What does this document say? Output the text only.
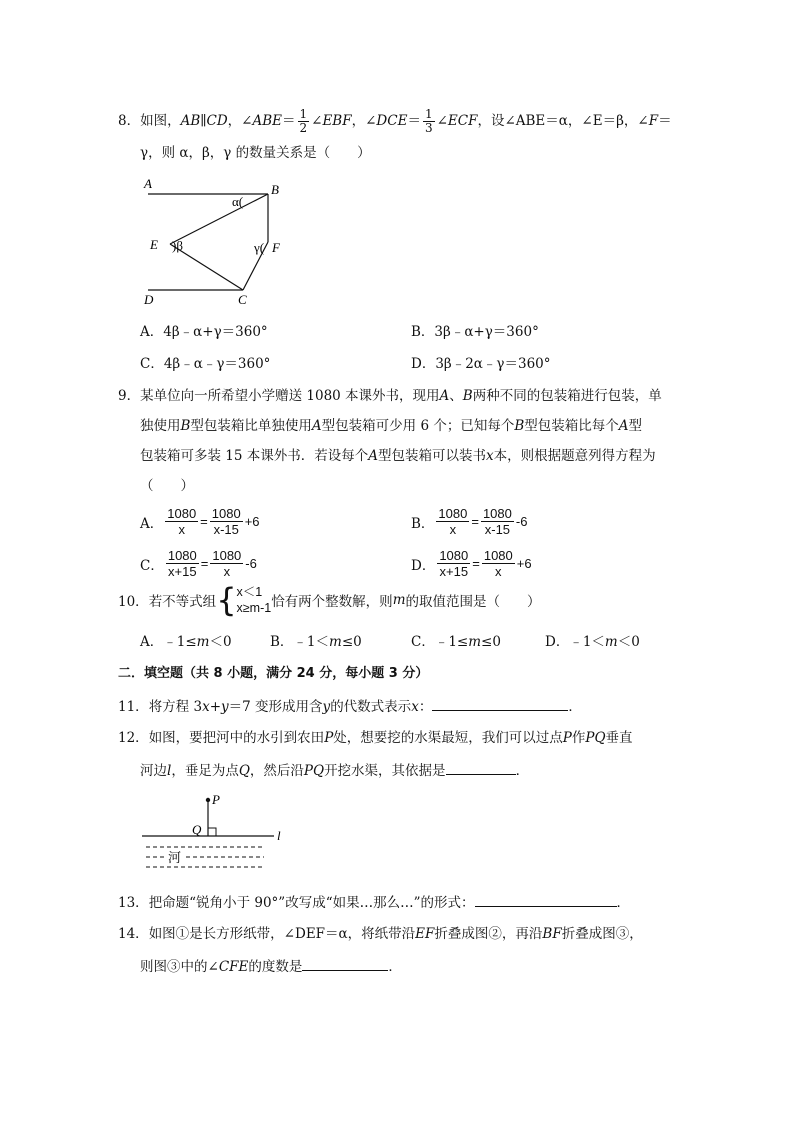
8．如图，AB∥CD，∠ABE＝ $\frac{1}{2}$ ∠EBF，∠DCE＝ $\frac{1}{3}$ ∠ECF，设∠ABE＝α，∠E＝β，∠F＝
γ，则 α，β，γ 的数量关系是（　　）
A	B
C
D
E	F
α(
)β	γ(
A．4β﹣α+γ＝360°	B．3β﹣α+γ＝360°
C．4β﹣α﹣γ＝360°	D．3β﹣2α﹣γ＝360°
9．某单位向一所希望小学赠送 1080 本课外书，现用A、B两种不同的包装箱进行包装，单
独使用B型包装箱比单独使用A型包装箱可少用 6 个；已知每个B型包装箱比每个A型
包装箱可多装 15 本课外书．若设每个A型包装箱可以装书x本，则根据题意列得方程为
（　　）
A． $\frac{1080}{x} = \frac{1080}{x-15} +6$	B． $\frac{1080}{x} = \frac{1080}{x-15} -6$
C． $\frac{1080}{x+15} = \frac{1080}{x} -6$	D． $\frac{1080}{x+15} = \frac{1080}{x} +6$
10． 若不等式组 { x＜1
x≥m-1 恰有两个整数解，则 m 的取值范围是（　　）
A．﹣1≤m＜0	B．﹣1＜m≤0	C．﹣1≤m≤0	D．﹣1＜m＜0
二．填空题（共 8 小题，满分 24 分，每小题 3 分）
11．将方程 3x+y＝7 变形成用含y的代数式表示x：	．
12．如图，要把河中的水引到农田P处，想要挖的水渠最短，我们可以过点P作PQ垂直
河边l，垂足为点Q，然后沿PQ开挖水渠，其依据是	．
P
Q	l
河
13．把命题“锐角小于 90°”改写成“如果…那么…”的形式：	．
14．如图①是长方形纸带，∠DEF＝α，将纸带沿EF折叠成图②，再沿BF折叠成图③，
则图③中的∠CFE的度数是	．
